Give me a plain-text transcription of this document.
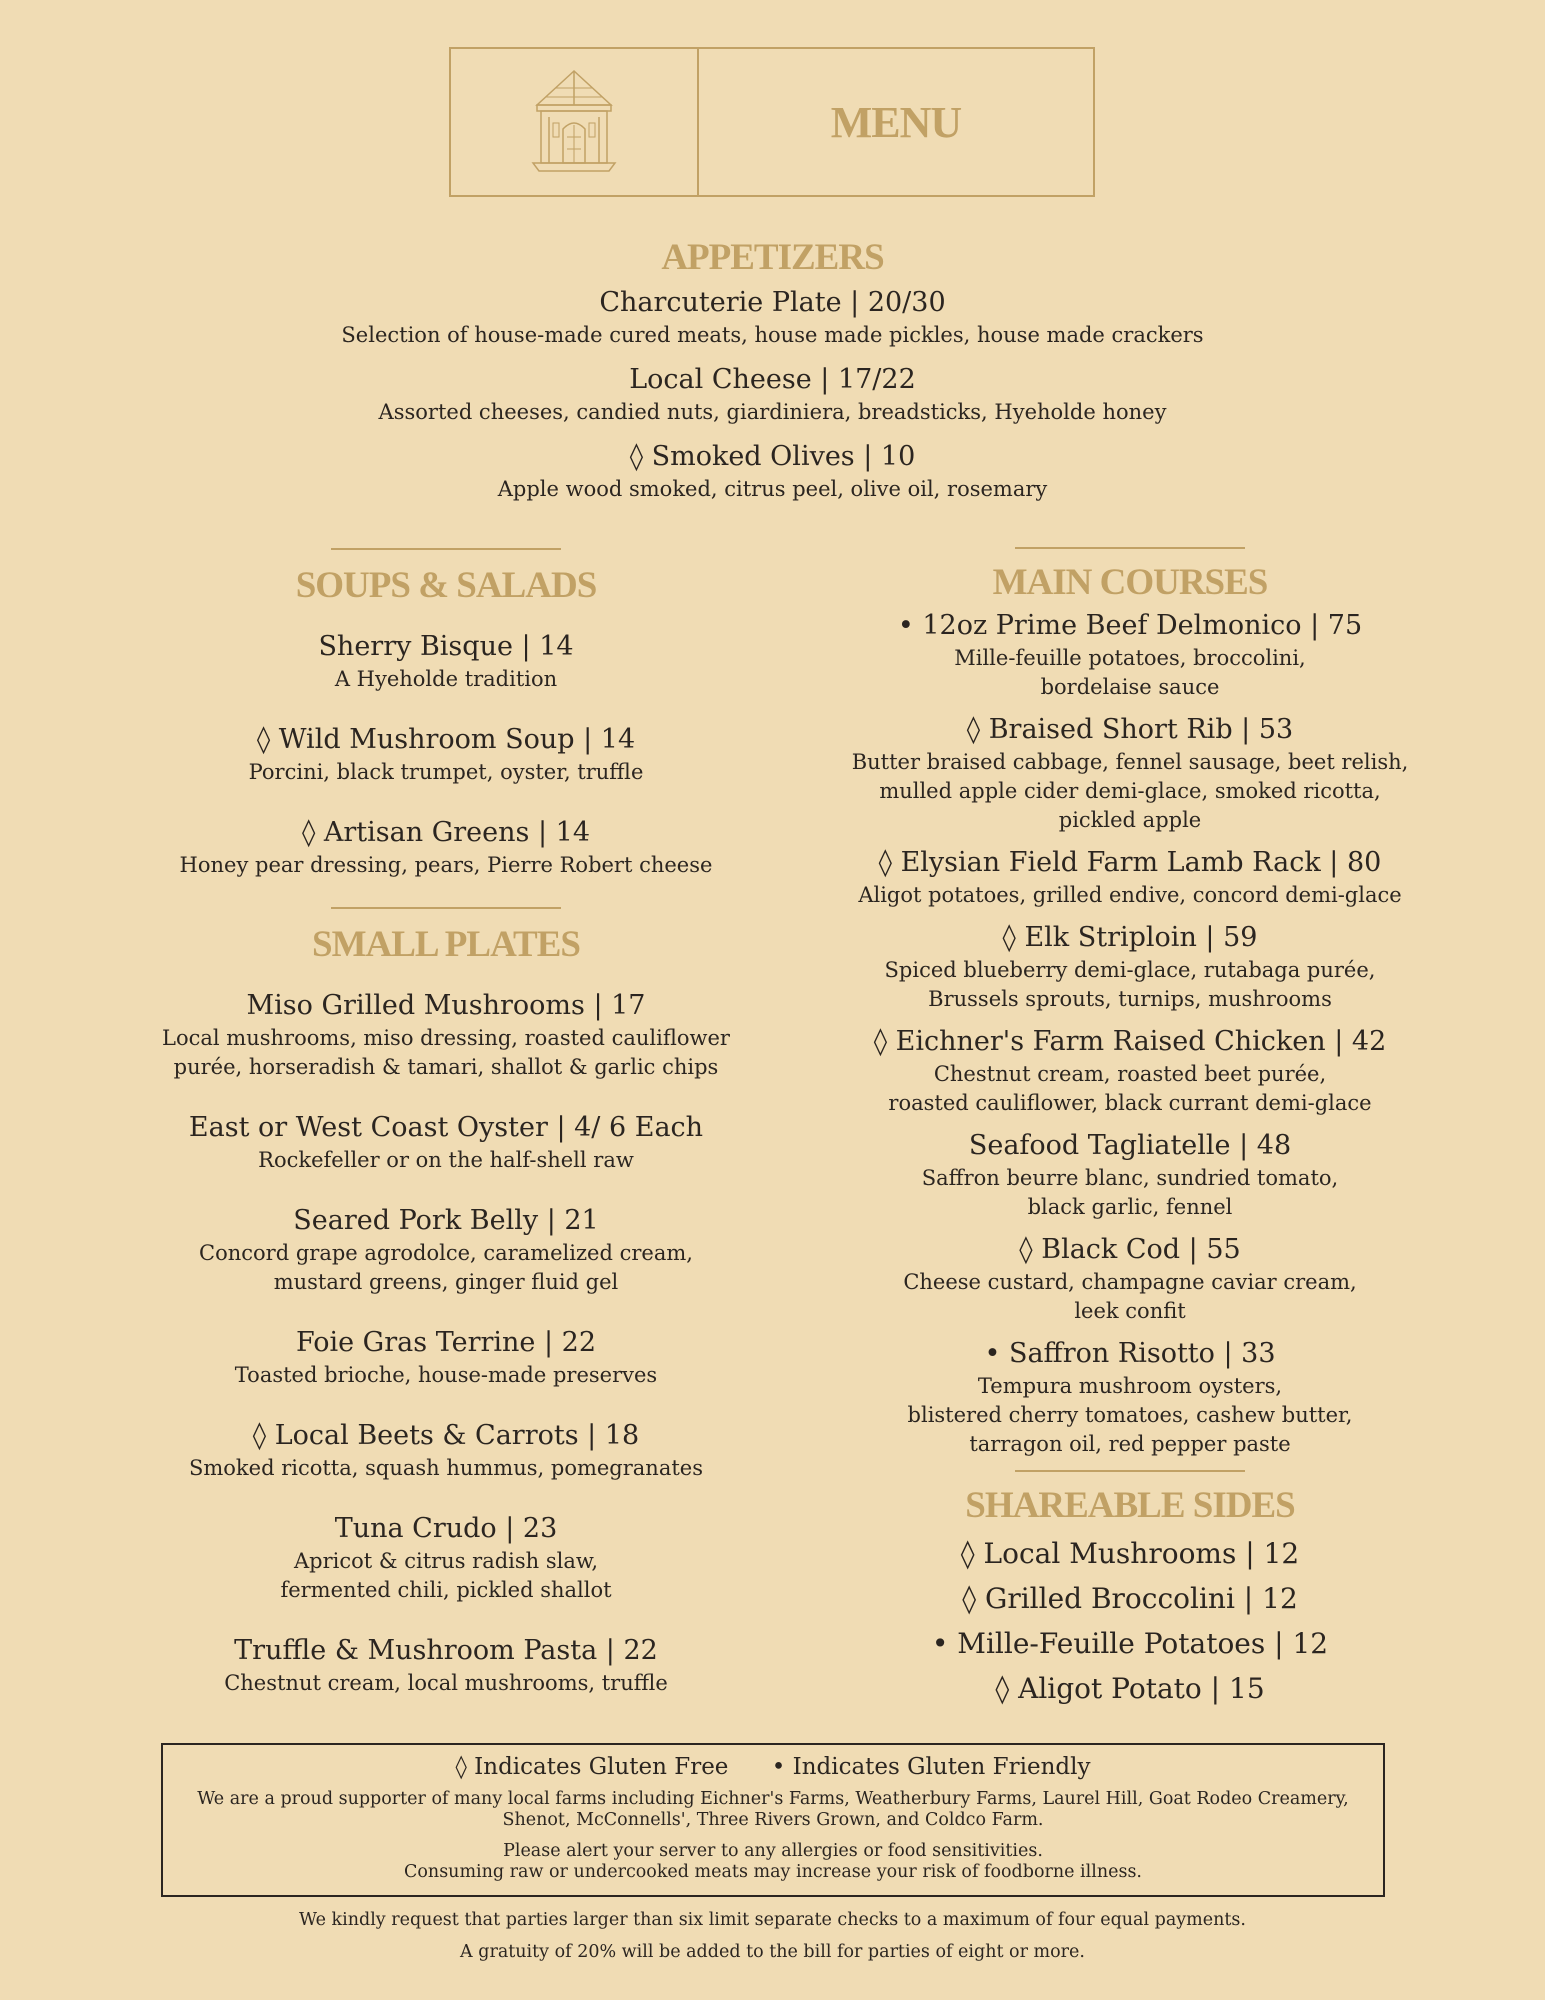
MENU
APPETIZERS

Charcuterie Plate | 20/30

Selection of house-made cured meats, house made pickles, house made crackers

Local Cheese | 17/22

Assorted cheeses, candied nuts, giardiniera, breadsticks, Hyeholde honey

◊ Smoked Olives | 10

Apple wood smoked, citrus peel, olive oil, rosemary

SOUPS & SALADS

Sherry Bisque | 14

A Hyeholde tradition

◊ Wild Mushroom Soup | 14

Porcini, black trumpet, oyster, truffle

◊ Artisan Greens | 14

Honey pear dressing, pears, Pierre Robert cheese

SMALL PLATES

Miso Grilled Mushrooms | 17

Local mushrooms, miso dressing, roasted cauliflower

purée, horseradish & tamari, shallot & garlic chips

East or West Coast Oyster | 4/ 6 Each

Rockefeller or on the half-shell raw

Seared Pork Belly | 21

Concord grape agrodolce, caramelized cream,

mustard greens, ginger fluid gel

Foie Gras Terrine | 22

Toasted brioche, house-made preserves

◊ Local Beets & Carrots | 18

Smoked ricotta, squash hummus, pomegranates

Tuna Crudo | 23

Apricot & citrus radish slaw,

fermented chili, pickled shallot

Truffle & Mushroom Pasta | 22

Chestnut cream, local mushrooms, truffle

MAIN COURSES

• 12oz Prime Beef Delmonico | 75

Mille-feuille potatoes, broccolini,

bordelaise sauce

◊ Braised Short Rib | 53

Butter braised cabbage, fennel sausage, beet relish,

mulled apple cider demi-glace, smoked ricotta,

pickled apple

◊ Elysian Field Farm Lamb Rack | 80

Aligot potatoes, grilled endive, concord demi-glace

◊ Elk Striploin | 59

Spiced blueberry demi-glace, rutabaga purée,

Brussels sprouts, turnips, mushrooms

◊ Eichner's Farm Raised Chicken | 42

Chestnut cream, roasted beet purée,

roasted cauliflower, black currant demi-glace

Seafood Tagliatelle | 48

Saffron beurre blanc, sundried tomato,

black garlic, fennel

◊ Black Cod | 55

Cheese custard, champagne caviar cream,

leek confit

• Saffron Risotto | 33

Tempura mushroom oysters,

blistered cherry tomatoes, cashew butter,

tarragon oil, red pepper paste

SHAREABLE SIDES

◊ Local Mushrooms | 12

◊ Grilled Broccolini | 12

• Mille-Feuille Potatoes | 12

◊ Aligot Potato | 15

◊ Indicates Gluten Free • Indicates Gluten Friendly

We are a proud supporter of many local farms including Eichner's Farms, Weatherbury Farms, Laurel Hill, Goat Rodeo Creamery,
Shenot, McConnells', Three Rivers Grown, and Coldco Farm.

Please alert your server to any allergies or food sensitivities.
Consuming raw or undercooked meats may increase your risk of foodborne illness.

We kindly request that parties larger than six limit separate checks to a maximum of four equal payments.

A gratuity of 20% will be added to the bill for parties of eight or more.
